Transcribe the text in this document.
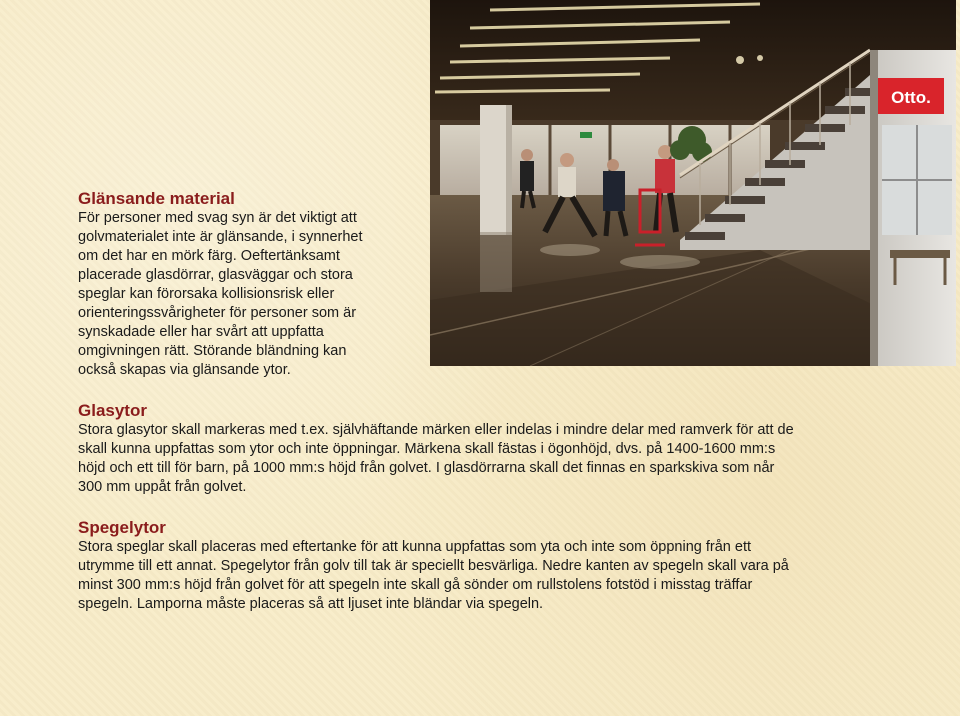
Glänsande material

För personer med svag syn är det viktigt att
golvmaterialet inte är glänsande, i synnerhet
om det har en mörk färg. Oeftertänksamt
placerade glasdörrar, glasväggar och stora
speglar kan förorsaka kollisionsrisk eller
orienteringssvårigheter för personer som är
synskadade eller har svårt att uppfatta
omgivningen rätt. Störande bländning kan
också skapas via glänsande ytor.

Otto.
Glasytor

Stora glasytor skall markeras med t.ex. självhäftande märken eller indelas i mindre delar med ramverk för att de
skall kunna uppfattas som ytor och inte öppningar. Märkena skall fästas i ögonhöjd, dvs. på 1400-1600 mm:s
höjd och ett till för barn, på 1000 mm:s höjd från golvet. I glasdörrarna skall det finnas en sparkskiva som når
300 mm uppåt från golvet.

Spegelytor

Stora speglar skall placeras med eftertanke för att kunna uppfattas som yta och inte som öppning från ett
utrymme till ett annat. Spegelytor från golv till tak är speciellt besvärliga. Nedre kanten av spegeln skall vara på
minst 300 mm:s höjd från golvet för att spegeln inte skall gå sönder om rullstolens fotstöd i misstag träffar
spegeln. Lamporna måste placeras så att ljuset inte bländar via spegeln.
